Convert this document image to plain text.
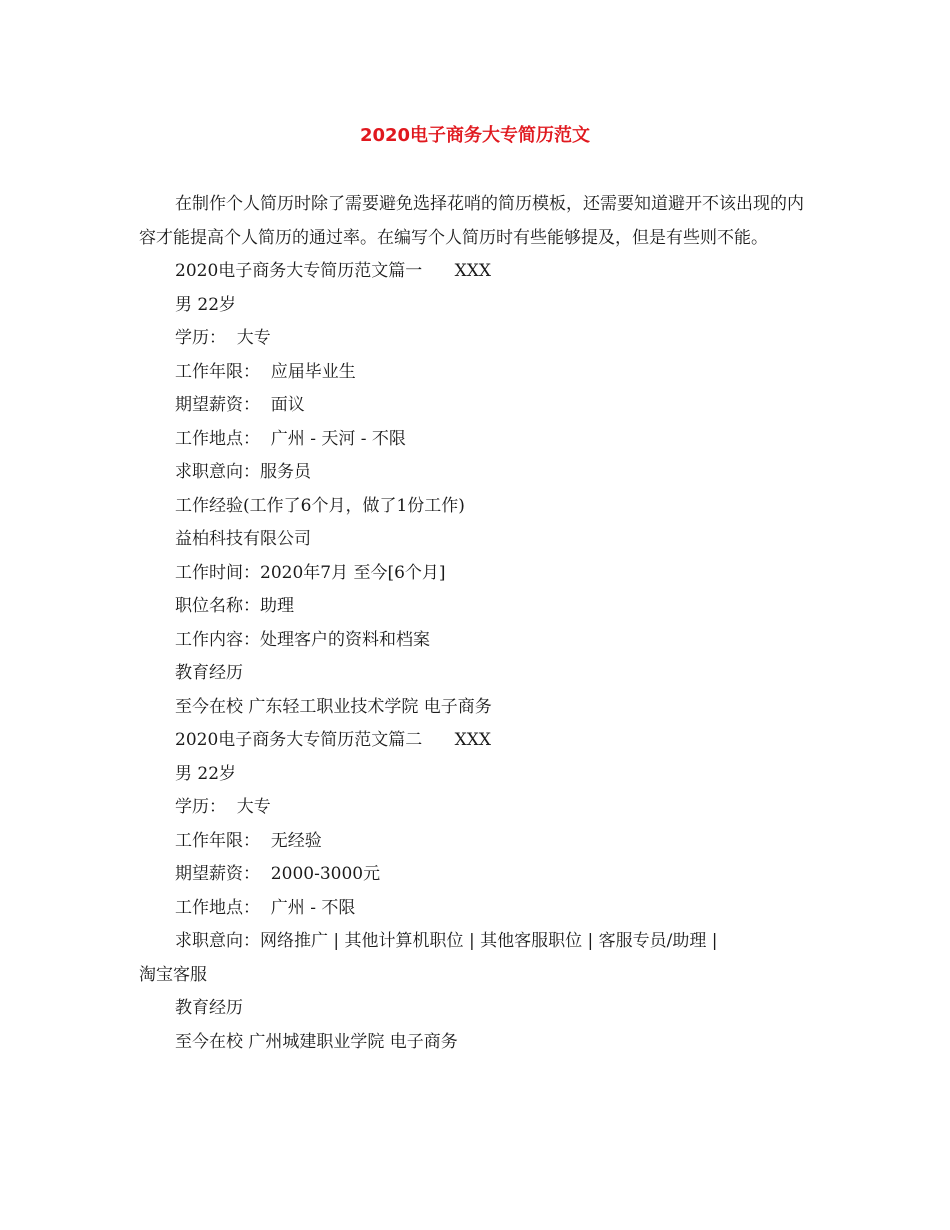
2020电子商务大专简历范文

在制作个人简历时除了需要避免选择花哨的简历模板，还需要知道避开不该出现的内容才能提高个人简历的通过率。在编写个人简历时有些能够提及，但是有些则不能。

2020电子商务大专简历范文篇一      XXX

男 22岁

学历：  大专

工作年限：  应届毕业生

期望薪资：  面议

工作地点：  广州 - 天河 - 不限

求职意向：服务员

工作经验(工作了6个月，做了1份工作)

益柏科技有限公司

工作时间：2020年7月 至今[6个月]

职位名称：助理

工作内容：处理客户的资料和档案

教育经历

至今在校 广东轻工职业技术学院 电子商务

2020电子商务大专简历范文篇二      XXX

男 22岁

学历：  大专

工作年限：  无经验

期望薪资：  2000-3000元

工作地点：  广州 - 不限

求职意向：网络推广 | 其他计算机职位 | 其他客服职位 | 客服专员/助理 |
淘宝客服

教育经历

至今在校 广州城建职业学院 电子商务
